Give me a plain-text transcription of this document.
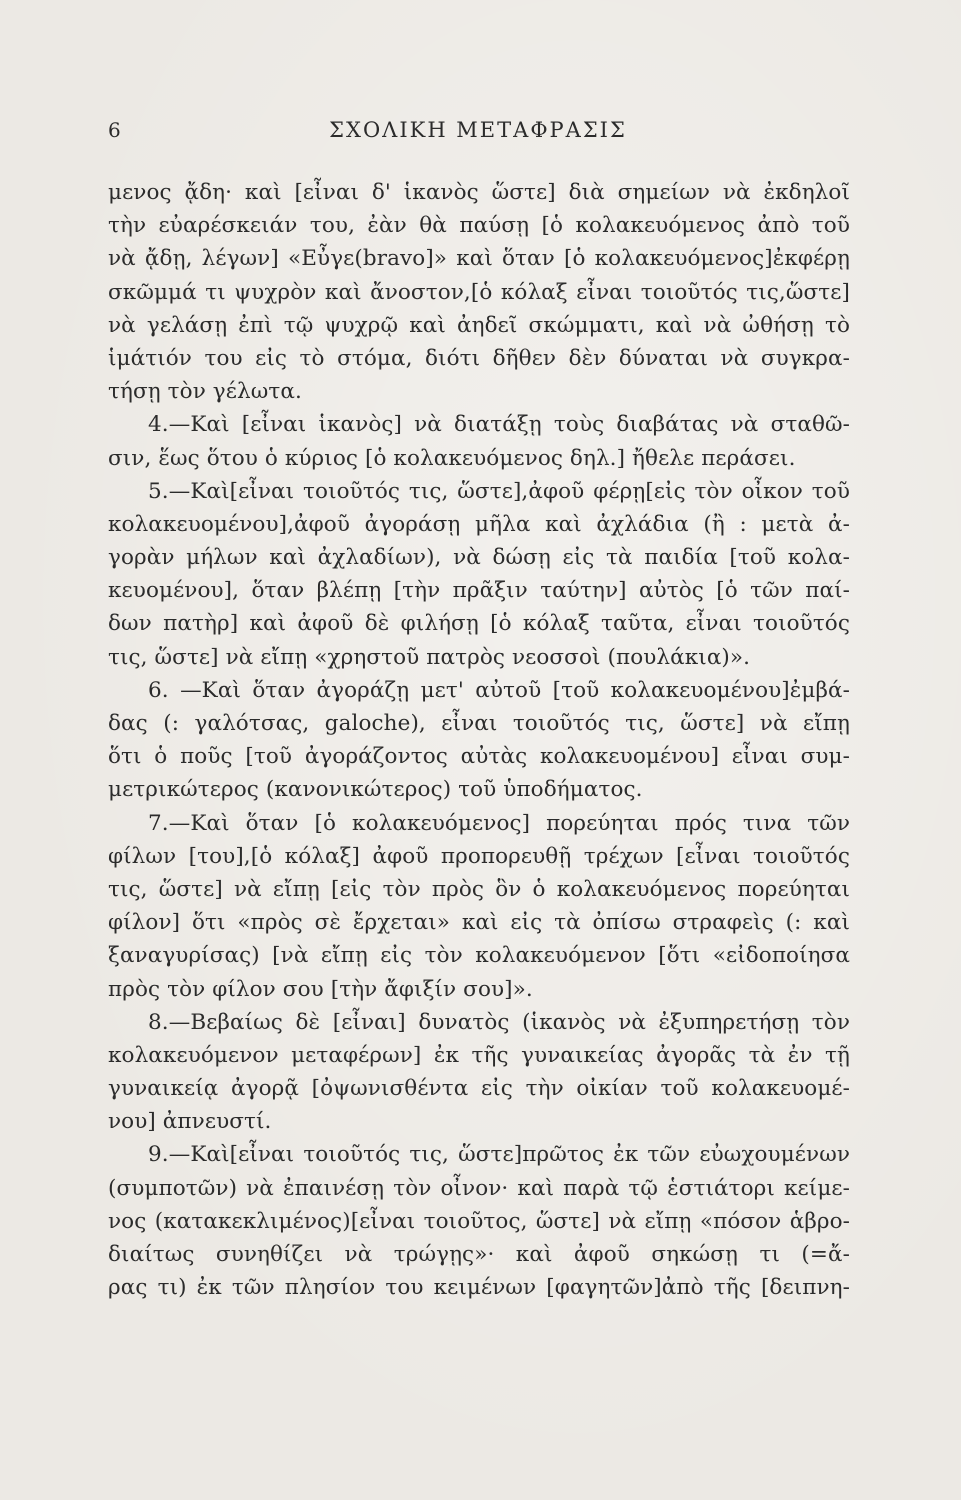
6	ΣΧΟΛΙΚΗ ΜΕΤΑΦΡΑΣΙΣ
μενος ᾄδη· καὶ [εἶναι δ' ἱκανὸς ὥστε] διὰ σημείων νὰ ἐκδηλοῖ
τὴν εὐαρέσκειάν του, ἐὰν θὰ παύσῃ [ὁ κολακευόμενος ἀπὸ τοῦ
νὰ ᾄδῃ, λέγων] «Εὖγε(bravo]» καὶ ὅταν [ὁ κολακευόμενος]ἐκφέρῃ
σκῶμμά τι ψυχρὸν καὶ ἄνοστον,[ὁ κόλαξ εἶναι τοιοῦτός τις,ὥστε]
νὰ γελάσῃ ἐπὶ τῷ ψυχρῷ καὶ ἀηδεῖ σκώμματι, καὶ νὰ ὠθήσῃ τὸ
ἱμάτιόν του εἰς τὸ στόμα, διότι δῆθεν δὲν δύναται νὰ συγκρα-
τήσῃ τὸν γέλωτα.
4.—Καὶ [εἶναι ἱκανὸς] νὰ διατάξῃ τοὺς διαβάτας νὰ σταθῶ-
σιν, ἕως ὅτου ὁ κύριος [ὁ κολακευόμενος δηλ.] ἤθελε περάσει.
5.—Καὶ[εἶναι τοιοῦτός τις, ὥστε],ἀφοῦ φέρῃ[εἰς τὸν οἶκον τοῦ
κολακευομένου],ἀφοῦ ἀγοράσῃ μῆλα καὶ ἀχλάδια (ἢ : μετὰ ἀ-
γορὰν μήλων καὶ ἀχλαδίων), νὰ δώσῃ εἰς τὰ παιδία [τοῦ κολα-
κευομένου], ὅταν βλέπῃ [τὴν πρᾶξιν ταύτην] αὐτὸς [ὁ τῶν παί-
δων πατὴρ] καὶ ἀφοῦ δὲ φιλήσῃ [ὁ κόλαξ ταῦτα, εἶναι τοιοῦτός
τις, ὥστε] νὰ εἴπῃ «χρηστοῦ πατρὸς νεοσσοὶ (πουλάκια)».
6. —Καὶ ὅταν ἀγοράζῃ μετ' αὐτοῦ [τοῦ κολακευομένου]ἐμβά-
δας (: γαλότσας, galoche), εἶναι τοιοῦτός τις, ὥστε] νὰ εἴπῃ
ὅτι ὁ ποῦς [τοῦ ἀγοράζοντος αὐτὰς κολακευομένου] εἶναι συμ-
μετρικώτερος (κανονικώτερος) τοῦ ὑποδήματος.
7.—Καὶ ὅταν [ὁ κολακευόμενος] πορεύηται πρός τινα τῶν
φίλων [του],[ὁ κόλαξ] ἀφοῦ προπορευθῇ τρέχων [εἶναι τοιοῦτός
τις, ὥστε] νὰ εἴπῃ [εἰς τὸν πρὸς ὃν ὁ κολακευόμενος πορεύηται
φίλον] ὅτι «πρὸς σὲ ἔρχεται» καὶ εἰς τὰ ὀπίσω στραφεὶς (: καὶ
ξαναγυρίσας) [νὰ εἴπῃ εἰς τὸν κολακευόμενον [ὅτι «εἰδοποίησα
πρὸς τὸν φίλον σου [τὴν ἄφιξίν σου]».
8.—Βεβαίως δὲ [εἶναι] δυνατὸς (ἱκανὸς νὰ ἐξυπηρετήσῃ τὸν
κολακευόμενον μεταφέρων] ἐκ τῆς γυναικείας ἀγορᾶς τὰ ἐν τῇ
γυναικείᾳ ἀγορᾷ [ὀψωνισθέντα εἰς τὴν οἰκίαν τοῦ κολακευομέ-
νου] ἀπνευστί.
9.—Καὶ[εἶναι τοιοῦτός τις, ὥστε]πρῶτος ἐκ τῶν εὐωχουμένων
(συμποτῶν) νὰ ἐπαινέσῃ τὸν οἶνον· καὶ παρὰ τῷ ἑστιάτορι κείμε-
νος (κατακεκλιμένος)[εἶναι τοιοῦτος, ὥστε] νὰ εἴπῃ «πόσον ἁβρο-
διαίτως συνηθίζει νὰ τρώγῃς»· καὶ ἀφοῦ σηκώσῃ τι (=ἄ-
ρας τι) ἐκ τῶν πλησίον του κειμένων [φαγητῶν]ἀπὸ τῆς [δειπνη-
